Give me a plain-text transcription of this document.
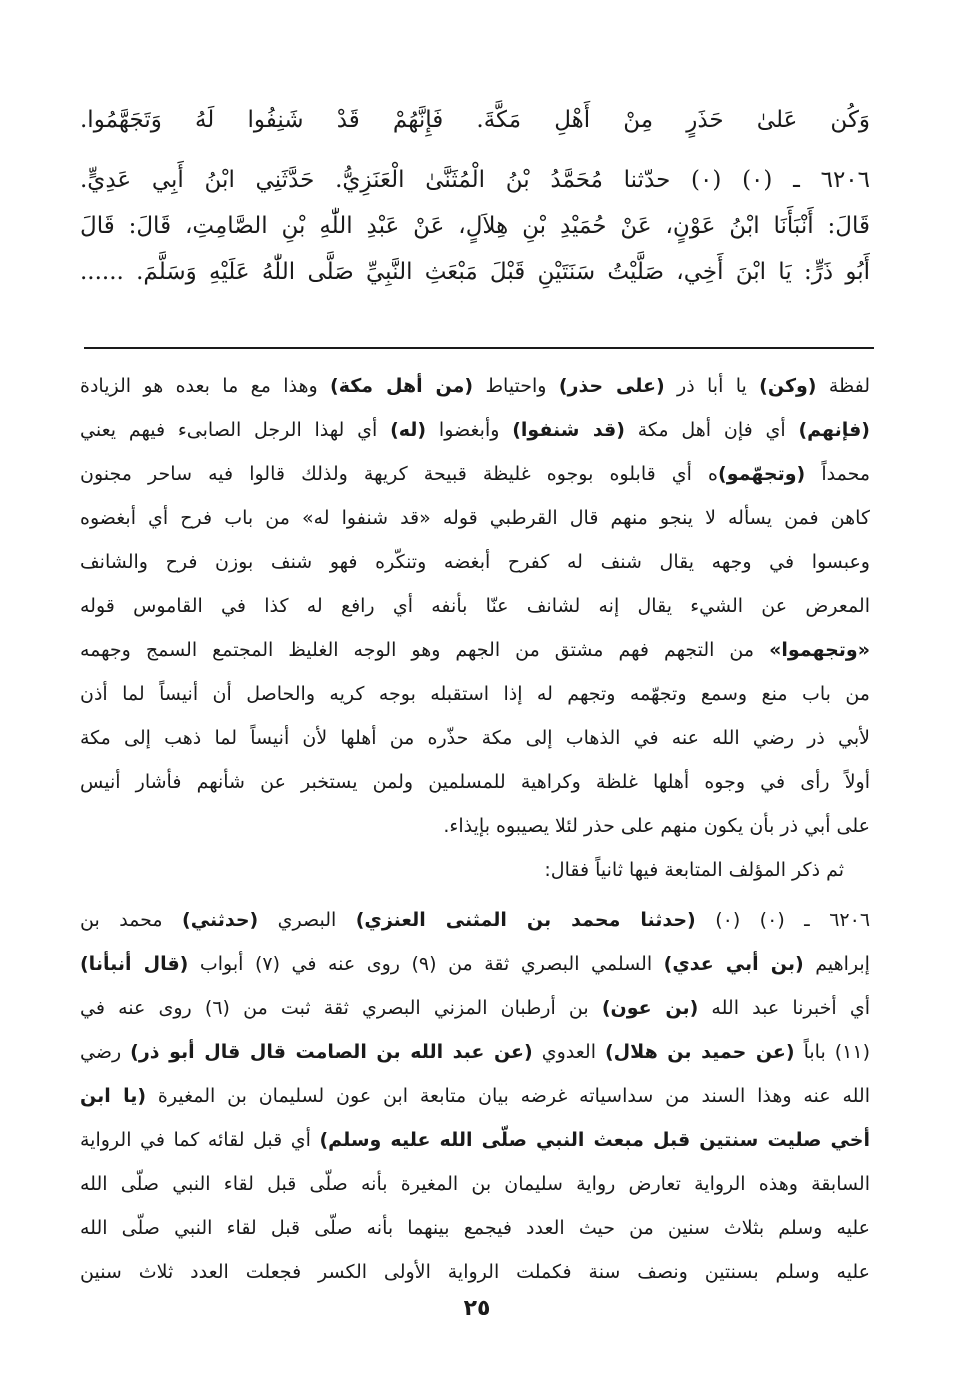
وَكُن عَلىٰ حَذَرٍ مِنْ أَهْلِ مَكَّةَ. فَإِنَّهُمْ قَدْ شَنِفُوا لَهُ وَتَجَهَّمُوا.
٦٢٠٦ ـ (٠) (٠) حدّثنا مُحَمَّدُ بْنُ الْمُثَنَّىٰ الْعَنَزِيُّ. حَدَّثَنِي ابْنُ أَبِي عَدِيٍّ.
قَالَ: أَنْبَأَنَا ابْنُ عَوْنٍ، عَنْ حُمَيْدِ بْنِ هِلاَلٍ، عَنْ عَبْدِ اللّٰهِ بْنِ الصَّامِتِ، قَالَ: قَالَ
أَبُو ذَرٍّ: يَا ابْنَ أَخِي، صَلَّيْتُ سَنَتَيْنِ قَبْلَ مَبْعَثِ النَّبِيِّ صَلَّى اللّٰهُ عَلَيْهِ وَسَلَّمَ. ......
لفظة (وكن) يا أبا ذر (على حذر) واحتياط (من أهل مكة) وهذا مع ما بعده هو الزيادة
(فإنهم) أي فإن أهل مكة (قد شنفوا) وأبغضوا (له) أي لهذا الرجل الصابىء فيهم يعني
محمداً (وتجهّمو)ه أي قابلوه بوجوه غليظة قبيحة كريهة ولذلك قالوا فيه ساحر مجنون
كاهن فمن يسأله لا ينجو منهم قال القرطبي قوله «قد شنفوا له» من باب فرح أي أبغضوه
وعبسوا في وجهه يقال شنف له كفرح أبغضه وتنكّره فهو شنف بوزن فرح والشانف
المعرض عن الشيء يقال إنه لشانف عنّا بأنفه أي رافع له كذا في القاموس قوله
«وتجهموا» من التجهم فهم مشتق من الجهم وهو الوجه الغليظ المجتمع السمج وجهمه
من باب منع وسمع وتجهّمه وتجهم له إذا استقبله بوجه كريه والحاصل أن أنيساً لما أذن
لأبي ذر رضي الله عنه في الذهاب إلى مكة حذّره من أهلها لأن أنيساً لما ذهب إلى مكة
أولاً رأى في وجوه أهلها غلظة وكراهية للمسلمين ولمن يستخبر عن شأنهم فأشار أنيس
على أبي ذر بأن يكون منهم على حذر لئلا يصيبوه بإيذاء.
ثم ذكر المؤلف المتابعة فيها ثانياً فقال:
٦٢٠٦ ـ (٠) (٠) (حدثنا محمد بن المثنى العنزي) البصري (حدثني) محمد بن
إبراهيم (بن أبي عدي) السلمي البصري ثقة من (٩) روى عنه في (٧) أبواب (قال أنبأنا)
أي أخبرنا عبد الله (بن عون) بن أرطبان المزني البصري ثقة ثبت من (٦) روى عنه في
(١١) باباً (عن حميد بن هلال) العدوي (عن عبد الله بن الصامت قال قال أبو ذر) رضي
الله عنه وهذا السند من سداسياته غرضه بيان متابعة ابن عون لسليمان بن المغيرة (يا ابن
أخي صليت سنتين قبل مبعث النبي صلّى الله عليه وسلم) أي قبل لقائه كما في الرواية
السابقة وهذه الرواية تعارض رواية سليمان بن المغيرة بأنه صلّى قبل لقاء النبي صلّى الله
عليه وسلم بثلاث سنين من حيث العدد فيجمع بينهما بأنه صلّى قبل لقاء النبي صلّى الله
عليه وسلم بسنتين ونصف سنة فكملت الرواية الأولى الكسر فجعلت العدد ثلاث سنين
٢٥
